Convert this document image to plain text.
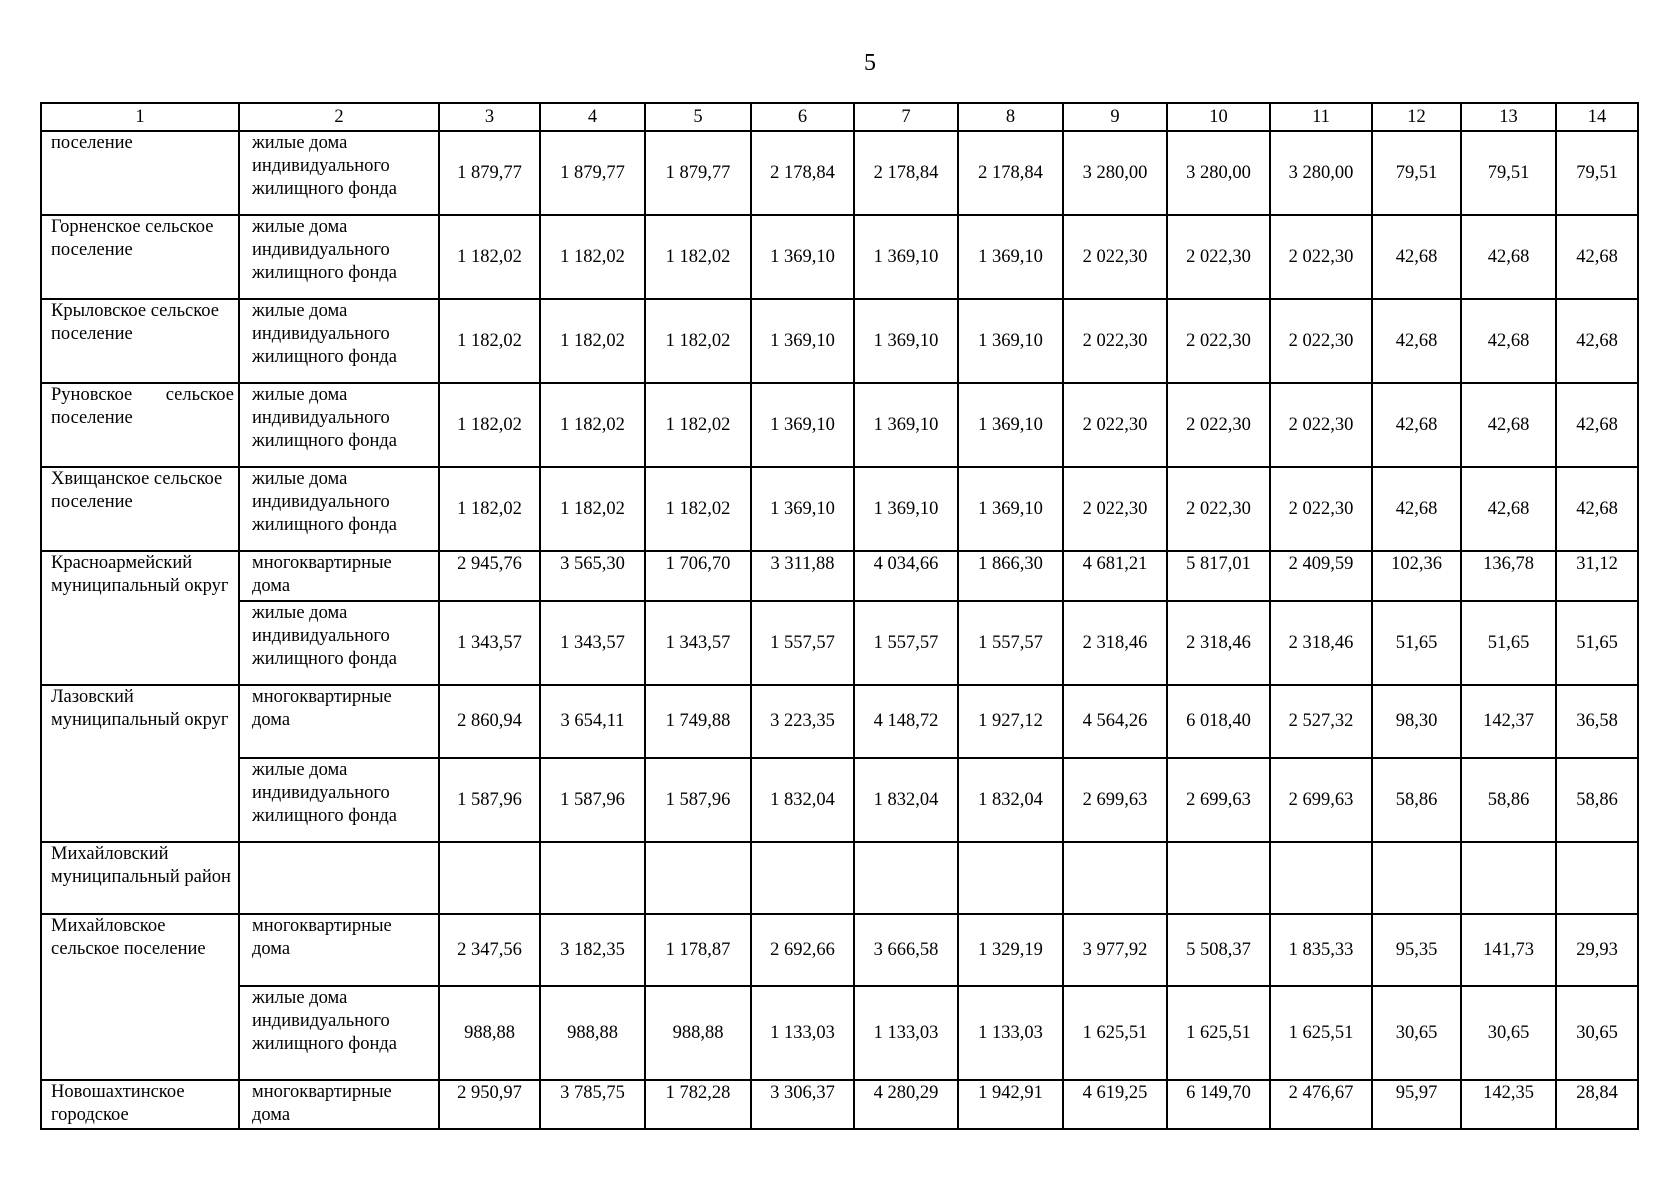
5
1	2	3	4	5	6	7	8	9	10	11	12	13	14
поселение	жилые дома индивидуального жилищного фонда	1 879,77	1 879,77	1 879,77	2 178,84	2 178,84	2 178,84	3 280,00	3 280,00	3 280,00	79,51	79,51	79,51
Горненское сельское поселение	жилые дома индивидуального жилищного фонда	1 182,02	1 182,02	1 182,02	1 369,10	1 369,10	1 369,10	2 022,30	2 022,30	2 022,30	42,68	42,68	42,68
Крыловское сельское поселение	жилые дома индивидуального жилищного фонда	1 182,02	1 182,02	1 182,02	1 369,10	1 369,10	1 369,10	2 022,30	2 022,30	2 022,30	42,68	42,68	42,68
Руновское сельское поселение	жилые дома индивидуального жилищного фонда	1 182,02	1 182,02	1 182,02	1 369,10	1 369,10	1 369,10	2 022,30	2 022,30	2 022,30	42,68	42,68	42,68
Хвищанское сельское поселение	жилые дома индивидуального жилищного фонда	1 182,02	1 182,02	1 182,02	1 369,10	1 369,10	1 369,10	2 022,30	2 022,30	2 022,30	42,68	42,68	42,68
Красноармейский муниципальный округ	многоквартирные дома	2 945,76	3 565,30	1 706,70	3 311,88	4 034,66	1 866,30	4 681,21	5 817,01	2 409,59	102,36	136,78	31,12
	жилые дома индивидуального жилищного фонда	1 343,57	1 343,57	1 343,57	1 557,57	1 557,57	1 557,57	2 318,46	2 318,46	2 318,46	51,65	51,65	51,65
Лазовский муниципальный округ	многоквартирные дома	2 860,94	3 654,11	1 749,88	3 223,35	4 148,72	1 927,12	4 564,26	6 018,40	2 527,32	98,30	142,37	36,58
	жилые дома индивидуального жилищного фонда	1 587,96	1 587,96	1 587,96	1 832,04	1 832,04	1 832,04	2 699,63	2 699,63	2 699,63	58,86	58,86	58,86
Михайловский муниципальный район													
Михайловское сельское поселение	многоквартирные дома	2 347,56	3 182,35	1 178,87	2 692,66	3 666,58	1 329,19	3 977,92	5 508,37	1 835,33	95,35	141,73	29,93
	жилые дома индивидуального жилищного фонда	988,88	988,88	988,88	1 133,03	1 133,03	1 133,03	1 625,51	1 625,51	1 625,51	30,65	30,65	30,65
Новошахтинское городское	многоквартирные дома	2 950,97	3 785,75	1 782,28	3 306,37	4 280,29	1 942,91	4 619,25	6 149,70	2 476,67	95,97	142,35	28,84
